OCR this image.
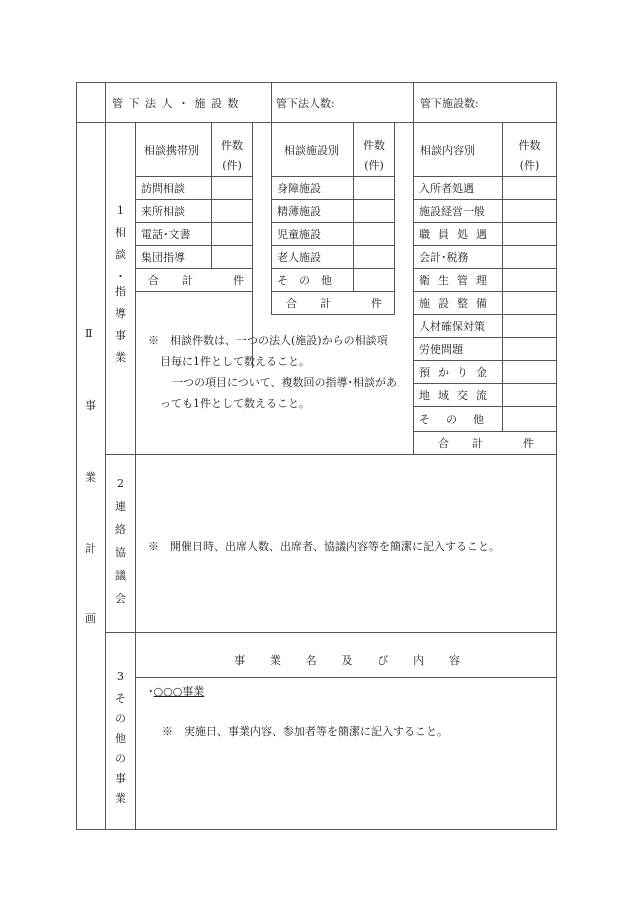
管下法人・施設数	管下法人数:	管下施設数:
Ⅱ
事
業
計
画
1
相
談
・
指
導
事
業
相談携帯別 件数
(件)
訪問相談
来所相談
電話･文書
集団指導
合　計	件
相談施設別 件数
(件)
身障施設
精薄施設
児童施設
老人施設
そ　の　他
合　計	件
相談内容別	件数
(件)
入所者処遇
施設経営一般
職員処遇
会計･税務
衛生管理
施設整備
人材確保対策
労使問題
預かり金
地域交流
その他
合　計	件
※　相談件数は、一つの法人(施設)からの相談項
目毎に1件として数えること。
一つの項目について、複数回の指導･相談があ
っても1件として数えること。
2
連
絡
協
議
会
※　開催日時、出席人数、出席者、協議内容等を簡潔に記入すること。
3
そ
の
他
の
事
業
事 業 名 及 び 内 容
･○○○事業
※　実施日、事業内容、参加者等を簡潔に記入すること。
